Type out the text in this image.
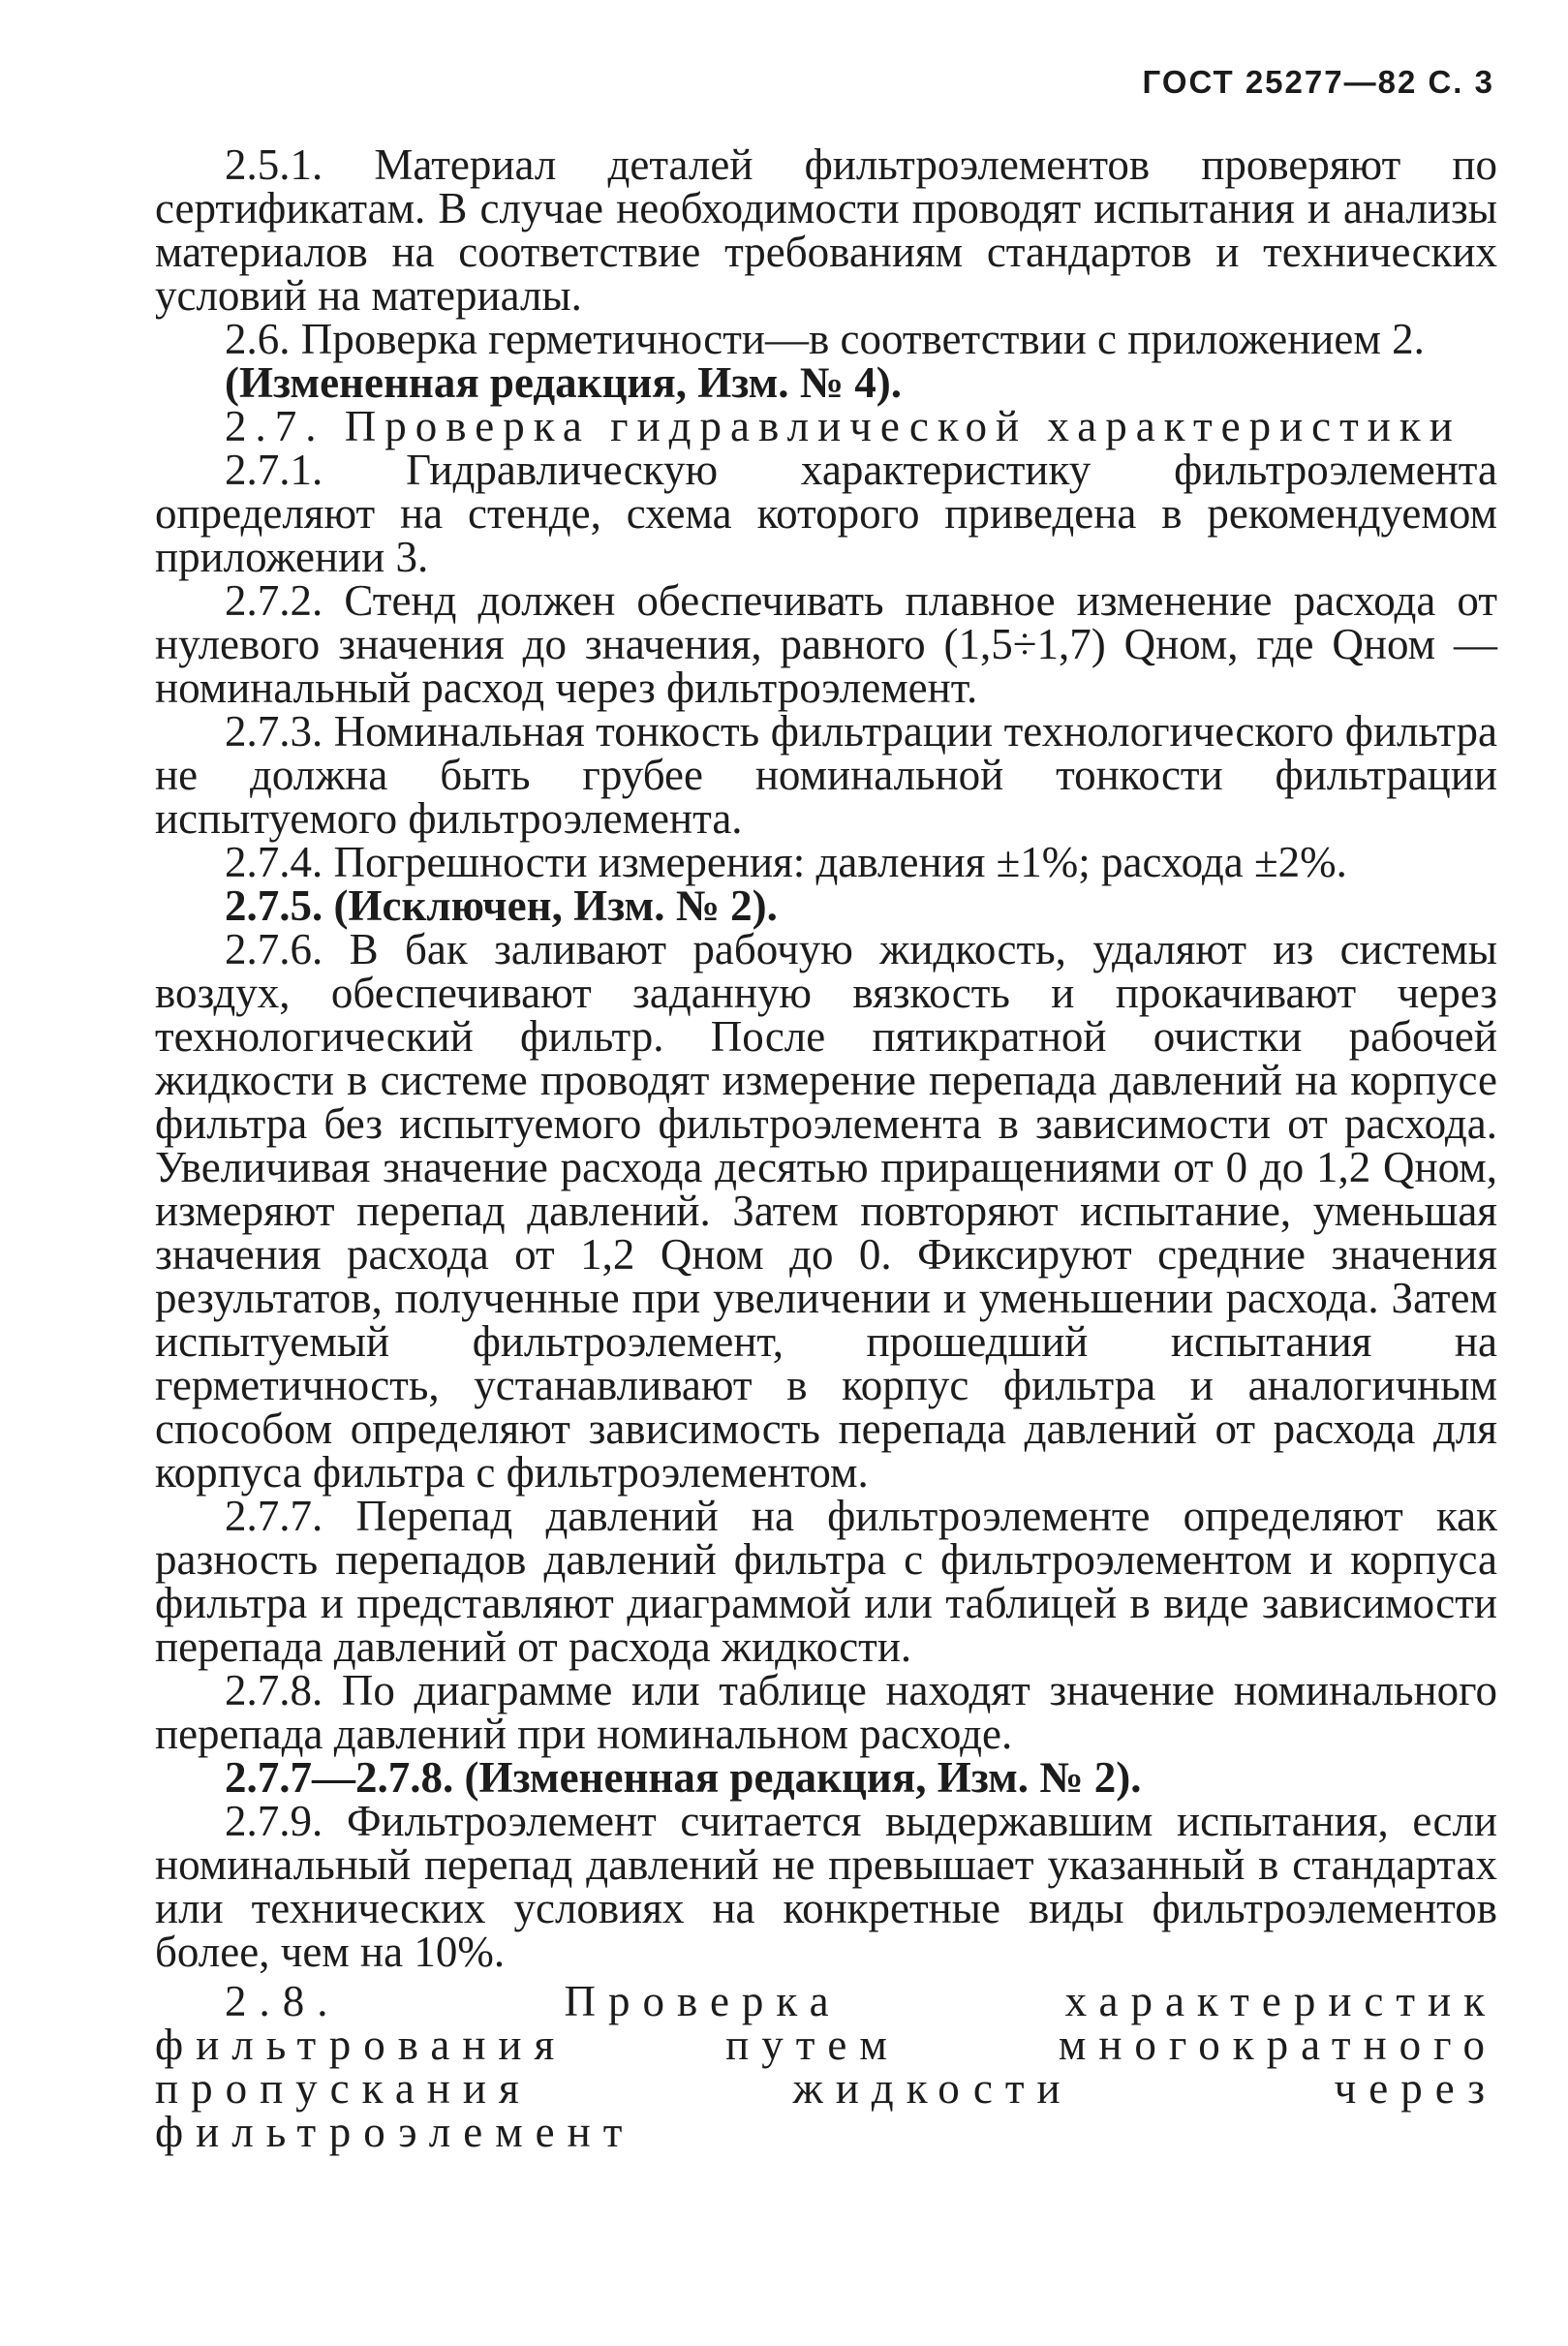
ГОСТ 25277—82 С. 3

2.5.1. Материал деталей фильтроэлементов проверяют по сертификатам. В случае необходимости проводят испытания и анализы материалов на соответствие требованиям стандартов и технических условий на материалы.

2.6. Проверка герметичности—в соответствии с приложением 2.

(Измененная редакция, Изм. № 4).

2.7. Проверка гидравлической характеристики

2.7.1. Гидравлическую характеристику фильтроэлемента определяют на стенде, схема которого приведена в рекомендуемом приложении 3.

2.7.2. Стенд должен обеспечивать плавное изменение расхода от нулевого значения до значения, равного (1,5÷1,7) Qном, где Qном — номинальный расход через фильтроэлемент.

2.7.3. Номинальная тонкость фильтрации технологического фильтра не должна быть грубее номинальной тонкости фильтрации испытуемого фильтроэлемента.

2.7.4. Погрешности измерения: давления ±1%; расхода ±2%.

2.7.5. (Исключен, Изм. № 2).

2.7.6. В бак заливают рабочую жидкость, удаляют из системы воздух, обеспечивают заданную вязкость и прокачивают через технологический фильтр. После пятикратной очистки рабочей жидкости в системе проводят измерение перепада давлений на корпусе фильтра без испытуемого фильтроэлемента в зависимости от расхода. Увеличивая значение расхода десятью приращениями от 0 до 1,2 Qном, измеряют перепад давлений. Затем повторяют испытание, уменьшая значения расхода от 1,2 Qном до 0. Фиксируют средние значения результатов, полученные при увеличении и уменьшении расхода. Затем испытуемый фильтроэлемент, прошедший испытания на герметичность, устанавливают в корпус фильтра и аналогичным способом определяют зависимость перепада давлений от расхода для корпуса фильтра с фильтроэлементом.

2.7.7. Перепад давлений на фильтроэлементе определяют как разность перепадов давлений фильтра с фильтроэлементом и корпуса фильтра и представляют диаграммой или таблицей в виде зависимости перепада давлений от расхода жидкости.

2.7.8. По диаграмме или таблице находят значение номинального перепада давлений при номинальном расходе.

2.7.7—2.7.8. (Измененная редакция, Изм. № 2).

2.7.9. Фильтроэлемент считается выдержавшим испытания, если номинальный перепад давлений не превышает указанный в стандартах или технических условиях на конкретные виды фильтроэлементов более, чем на 10%.

2.8. Проверка характеристик фильтрования путем многократного пропускания жидкости через фильтроэлемент
